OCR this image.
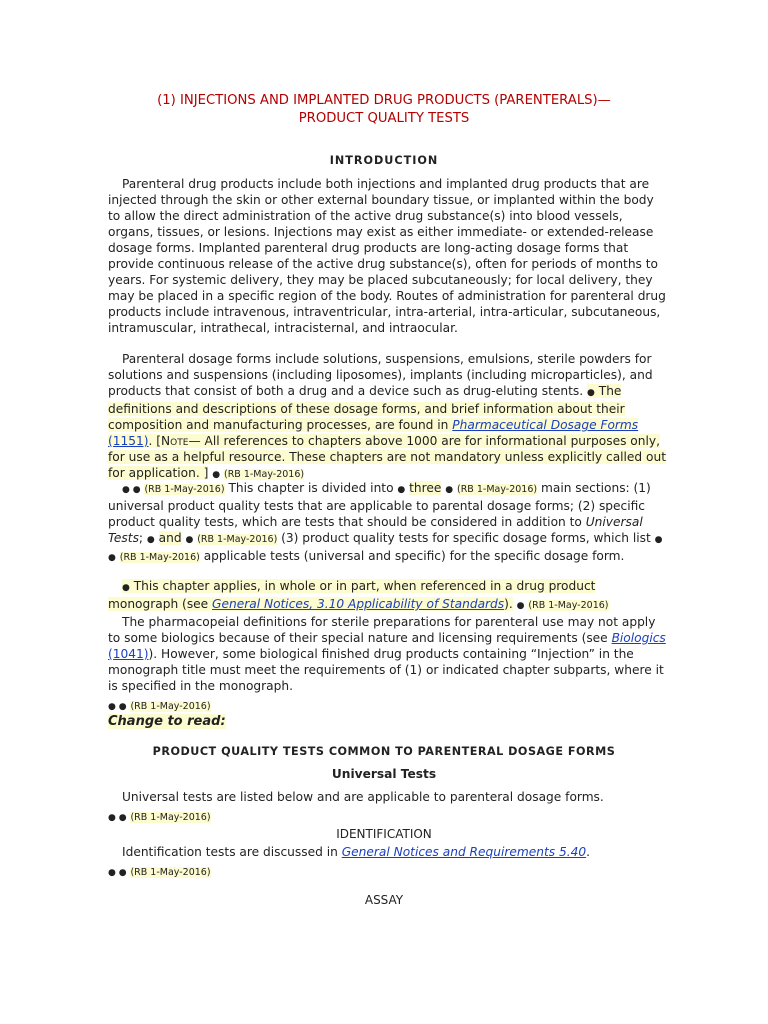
(1) INJECTIONS AND IMPLANTED DRUG PRODUCTS (PARENTERALS)—
PRODUCT QUALITY TESTS
INTRODUCTION

Parenteral drug products include both injections and implanted drug products that are injected through the skin or other external boundary tissue, or implanted within the body to allow the direct administration of the active drug substance(s) into blood vessels, organs, tissues, or lesions. Injections may exist as either immediate- or extended-release dosage forms. Implanted parenteral drug products are long-acting dosage forms that provide continuous release of the active drug substance(s), often for periods of months to years. For systemic delivery, they may be placed subcutaneously; for local delivery, they may be placed in a specific region of the body. Routes of administration for parenteral drug products include intravenous, intraventricular, intra-arterial, intra-articular, subcutaneous, intramuscular, intrathecal, intracisternal, and intraocular.

Parenteral dosage forms include solutions, suspensions, emulsions, sterile powders for solutions and suspensions (including liposomes), implants (including microparticles), and products that consist of both a drug and a device such as drug-eluting stents. ● The definitions and descriptions of these dosage forms, and brief information about their composition and manufacturing processes, are found in Pharmaceutical Dosage Forms (1151). [Note— All references to chapters above 1000 are for informational purposes only, for use as a helpful resource. These chapters are not mandatory unless explicitly called out for application. ] ● (RB 1-May-2016)

● ● (RB 1-May-2016) This chapter is divided into ● three ● (RB 1-May-2016) main sections: (1) universal product quality tests that are applicable to parental dosage forms; (2) specific product quality tests, which are tests that should be considered in addition to Universal Tests; ● and ● (RB 1-May-2016) (3) product quality tests for specific dosage forms, which list ● ● (RB 1-May-2016) applicable tests (universal and specific) for the specific dosage form.

● This chapter applies, in whole or in part, when referenced in a drug product monograph (see General Notices, 3.10 Applicability of Standards). ● (RB 1-May-2016)

The pharmacopeial definitions for sterile preparations for parenteral use may not apply to some biologics because of their special nature and licensing requirements (see Biologics (1041)). However, some biological finished drug products containing “Injection” in the monograph title must meet the requirements of (1) or indicated chapter subparts, where it is specified in the monograph.

● ● (RB 1-May-2016)
Change to read:
PRODUCT QUALITY TESTS COMMON TO PARENTERAL DOSAGE FORMS
Universal Tests

Universal tests are listed below and are applicable to parenteral dosage forms.

● ● (RB 1-May-2016)
IDENTIFICATION

Identification tests are discussed in General Notices and Requirements 5.40.

● ● (RB 1-May-2016)
ASSAY
